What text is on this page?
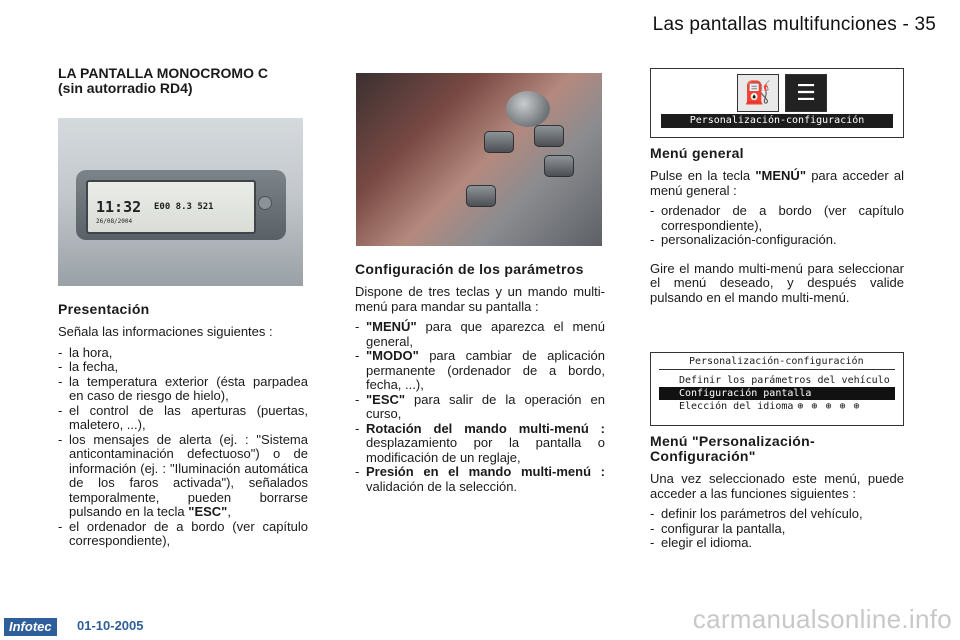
Las pantallas multifunciones - 35
LA PANTALLA MONOCROMO C
(sin autorradio RD4)
11:32
26/08/2004
E00 8.3 521
Presentación

Señala las informaciones siguientes :

- la hora,
- la fecha,
- la temperatura exterior (ésta parpadea en caso de riesgo de hielo),
- el control de las aperturas (puertas, maletero, ...),
- los mensajes de alerta (ej. : "Sistema anticontaminación defectuoso") o de información (ej. : "Iluminación automática de los faros activada"), señalados temporalmente, pueden borrarse pulsando en la tecla "ESC",
- el ordenador de a bordo (ver capítulo correspondiente),
Configuración de los parámetros

Dispone de tres teclas y un mando multi-menú para mandar su pantalla :

- "MENÚ" para que aparezca el menú general,
- "MODO" para cambiar de aplicación permanente (ordenador de a bordo, fecha, ...),
- "ESC" para salir de la operación en curso,
- Rotación del mando multi-menú : desplazamiento por la pantalla o modificación de un reglaje,
- Presión en el mando multi-menú : validación de la selección.
⛽	☰
Personalización-configuración
Menú general

Pulse en la tecla "MENÚ" para acceder al menú general :

- ordenador de a bordo (ver capítulo correspondiente),
- personalización-configuración.

Gire el mando multi-menú para seleccionar el menú deseado, y después valide pulsando en el mando multi-menú.

Personalización-configuración
Definir los parámetros del vehículo
Configuración pantalla
Elección del idioma ⊕ ⊕ ⊕ ⊕ ⊕
Menú "Personalización-Configuración"

Una vez seleccionado este menú, puede acceder a las funciones siguientes :

- definir los parámetros del vehículo,
- configurar la pantalla,
- elegir el idioma.
Infotec	01-10-2005	carmanualsonline.info
